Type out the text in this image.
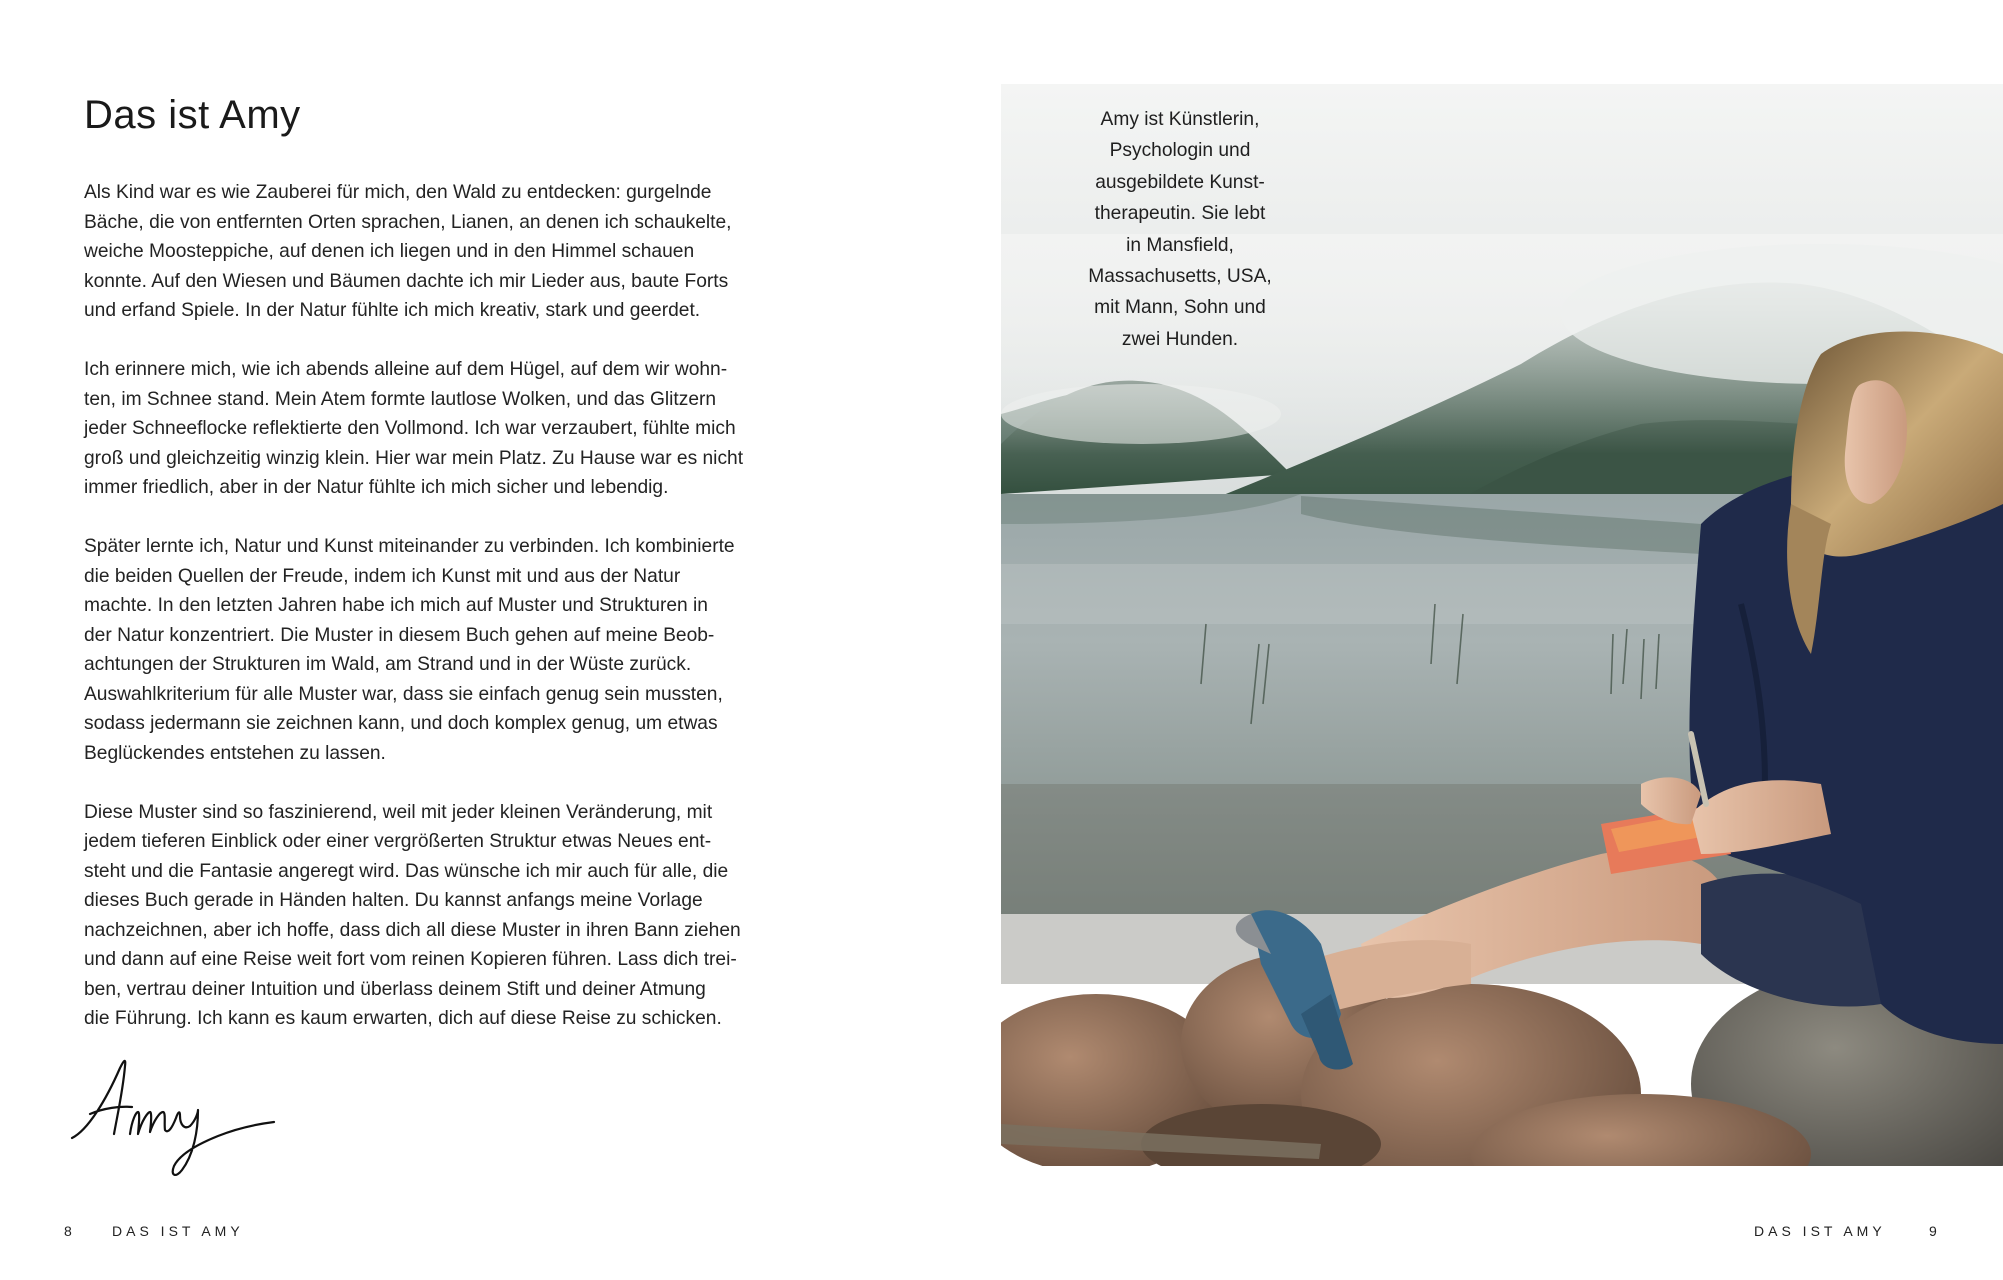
Das ist Amy

Als Kind war es wie Zauberei für mich, den Wald zu entdecken: gurgelnde
Bäche, die von entfernten Orten sprachen, Lianen, an denen ich schaukelte,
weiche Moosteppiche, auf denen ich liegen und in den Himmel schauen
konnte. Auf den Wiesen und Bäumen dachte ich mir Lieder aus, baute Forts
und erfand Spiele. In der Natur fühlte ich mich kreativ, stark und geerdet.

Ich erinnere mich, wie ich abends alleine auf dem Hügel, auf dem wir wohn-
ten, im Schnee stand. Mein Atem formte lautlose Wolken, und das Glitzern
jeder Schneeflocke reflektierte den Vollmond. Ich war verzaubert, fühlte mich
groß und gleichzeitig winzig klein. Hier war mein Platz. Zu Hause war es nicht
immer friedlich, aber in der Natur fühlte ich mich sicher und lebendig.

Später lernte ich, Natur und Kunst miteinander zu verbinden. Ich kombinierte
die beiden Quellen der Freude, indem ich Kunst mit und aus der Natur
machte. In den letzten Jahren habe ich mich auf Muster und Strukturen in
der Natur konzentriert. Die Muster in diesem Buch gehen auf meine Beob-
achtungen der Strukturen im Wald, am Strand und in der Wüste zurück.
Auswahlkriterium für alle Muster war, dass sie einfach genug sein mussten,
sodass jedermann sie zeichnen kann, und doch komplex genug, um etwas
Beglückendes entstehen zu lassen.

Diese Muster sind so faszinierend, weil mit jeder kleinen Veränderung, mit
jedem tieferen Einblick oder einer vergrößerten Struktur etwas Neues ent-
steht und die Fantasie angeregt wird. Das wünsche ich mir auch für alle, die
dieses Buch gerade in Händen halten. Du kannst anfangs meine Vorlage
nachzeichnen, aber ich hoffe, dass dich all diese Muster in ihren Bann ziehen
und dann auf eine Reise weit fort vom reinen Kopieren führen. Lass dich trei-
ben, vertrau deiner Intuition und überlass deinem Stift und deiner Atmung
die Führung. Ich kann es kaum erwarten, dich auf diese Reise zu schicken.

8	DAS IST AMY
Amy ist Künstlerin,
Psychologin und
ausgebildete Kunst-
therapeutin. Sie lebt
in Mansfield,
Massachusetts, USA,
mit Mann, Sohn und
zwei Hunden.
DAS IST AMY	9
